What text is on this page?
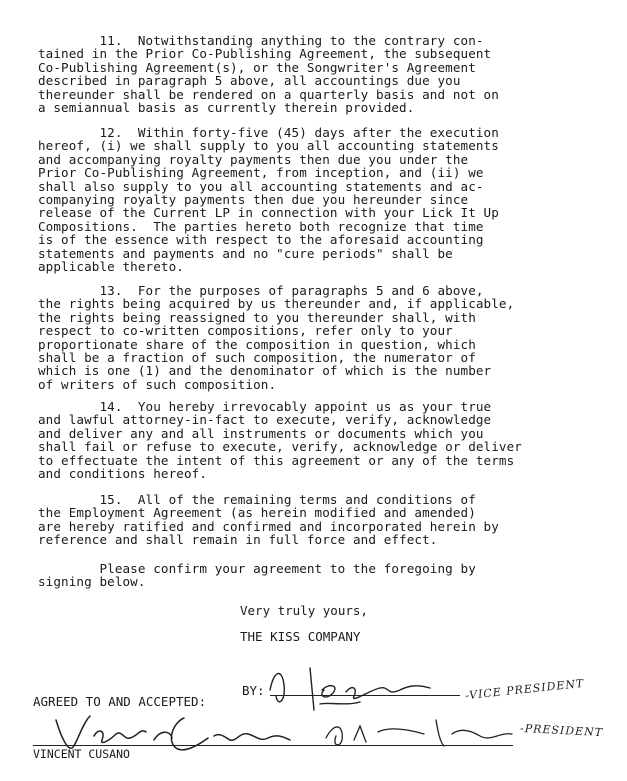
11.  Notwithstanding anything to the contrary con-
tained in the Prior Co-Publishing Agreement, the subsequent
Co-Publishing Agreement(s), or the Songwriter's Agreement
described in paragraph 5 above, all accountings due you
thereunder shall be rendered on a quarterly basis and not on
a semiannual basis as currently therein provided.
12.  Within forty-five (45) days after the execution
hereof, (i) we shall supply to you all accounting statements
and accompanying royalty payments then due you under the
Prior Co-Publishing Agreement, from inception, and (ii) we
shall also supply to you all accounting statements and ac-
companying royalty payments then due you hereunder since
release of the Current LP in connection with your Lick It Up
Compositions.  The parties hereto both recognize that time
is of the essence with respect to the aforesaid accounting
statements and payments and no "cure periods" shall be
applicable thereto.
13.  For the purposes of paragraphs 5 and 6 above,
the rights being acquired by us thereunder and, if applicable,
the rights being reassigned to you thereunder shall, with
respect to co-written compositions, refer only to your
proportionate share of the composition in question, which
shall be a fraction of such composition, the numerator of
which is one (1) and the denominator of which is the number
of writers of such composition.
14.  You hereby irrevocably appoint us as your true
and lawful attorney-in-fact to execute, verify, acknowledge
and deliver any and all instruments or documents which you
shall fail or refuse to execute, verify, acknowledge or deliver
to effectuate the intent of this agreement or any of the terms
and conditions hereof.
15.  All of the remaining terms and conditions of
the Employment Agreement (as herein modified and amended)
are hereby ratified and confirmed and incorporated herein by
reference and shall remain in full force and effect.
Please confirm your agreement to the foregoing by
signing below.
Very truly yours,
THE KISS COMPANY
BY:
AGREED TO AND ACCEPTED:
VINCENT CUSANO
-VICE PRESIDENT
-PRESIDENT
